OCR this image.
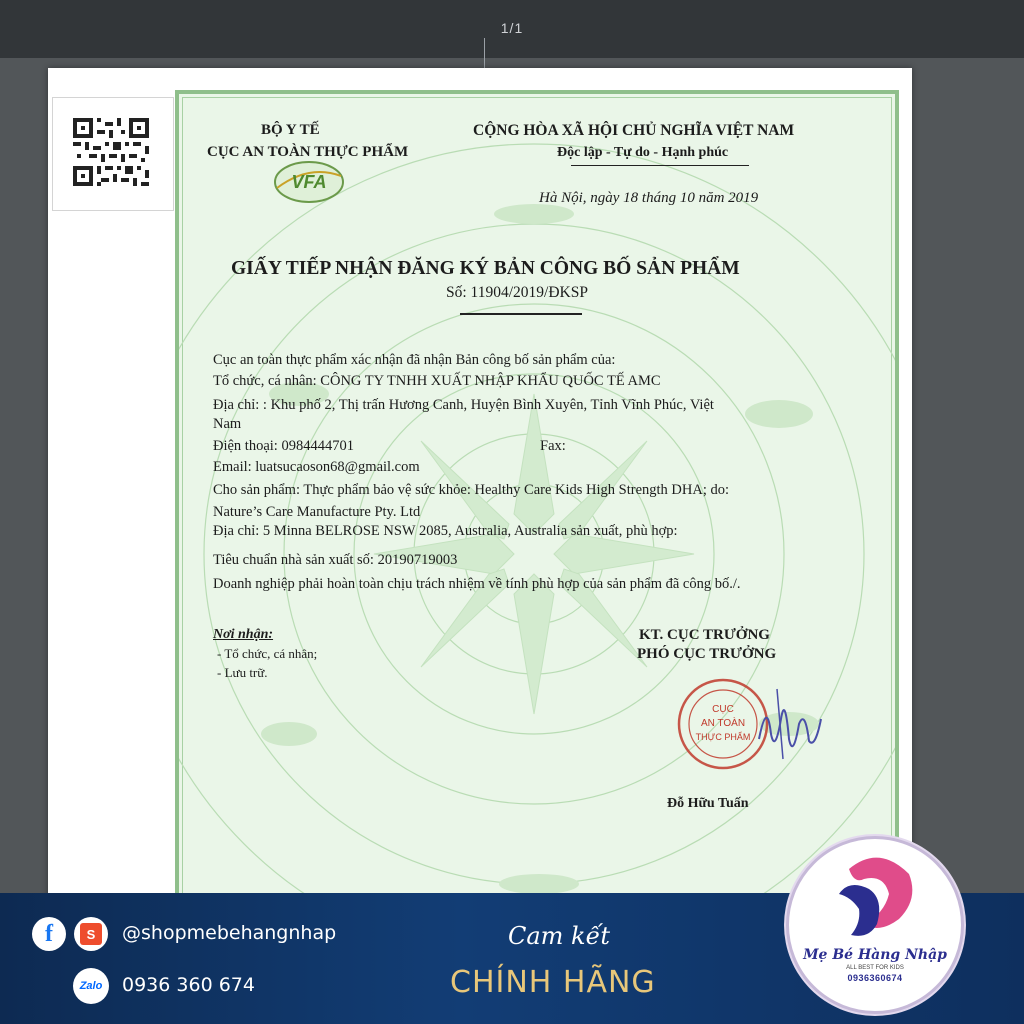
1/1
BỘ Y TẾ
CỤC AN TOÀN THỰC PHẨM
VFA
CỘNG HÒA XÃ HỘI CHỦ NGHĨA VIỆT NAM
Độc lập - Tự do - Hạnh phúc
Hà Nội, ngày 18 tháng 10 năm 2019
GIẤY TIẾP NHẬN ĐĂNG KÝ BẢN CÔNG BỐ SẢN PHẨM
Số: 11904/2019/ĐKSP
Cục an toàn thực phẩm xác nhận đã nhận Bản công bố sản phẩm của:
Tổ chức, cá nhân: CÔNG TY TNHH XUẤT NHẬP KHẨU QUỐC TẾ AMC
Địa chỉ: : Khu phố 2, Thị trấn Hương Canh, Huyện Bình Xuyên, Tỉnh Vĩnh Phúc, Việt
Nam
Điện thoại: 0984444701	Fax:
Email: luatsucaoson68@gmail.com
Cho sản phẩm: Thực phẩm bảo vệ sức khỏe: Healthy Care Kids High Strength DHA; do:
Nature’s Care Manufacture Pty. Ltd
Địa chỉ: 5 Minna BELROSE NSW 2085, Australia, Australia sản xuất, phù hợp:
Tiêu chuẩn nhà sản xuất số: 20190719003
Doanh nghiệp phải hoàn toàn chịu trách nhiệm về tính phù hợp của sản phẩm đã công bố./.
Nơi nhận:
- Tổ chức, cá nhân;
- Lưu trữ.
KT. CỤC TRƯỞNG
PHÓ CỤC TRƯỞNG
CỤC
AN TOÀN
THỰC PHẨM
Đỗ Hữu Tuấn
f	S	@shopmebehangnhap
Zalo 0936 360 674
Cam kết
CHÍNH HÃNG
Mẹ Bé Hàng Nhập
ALL BEST FOR KIDS
0936360674
